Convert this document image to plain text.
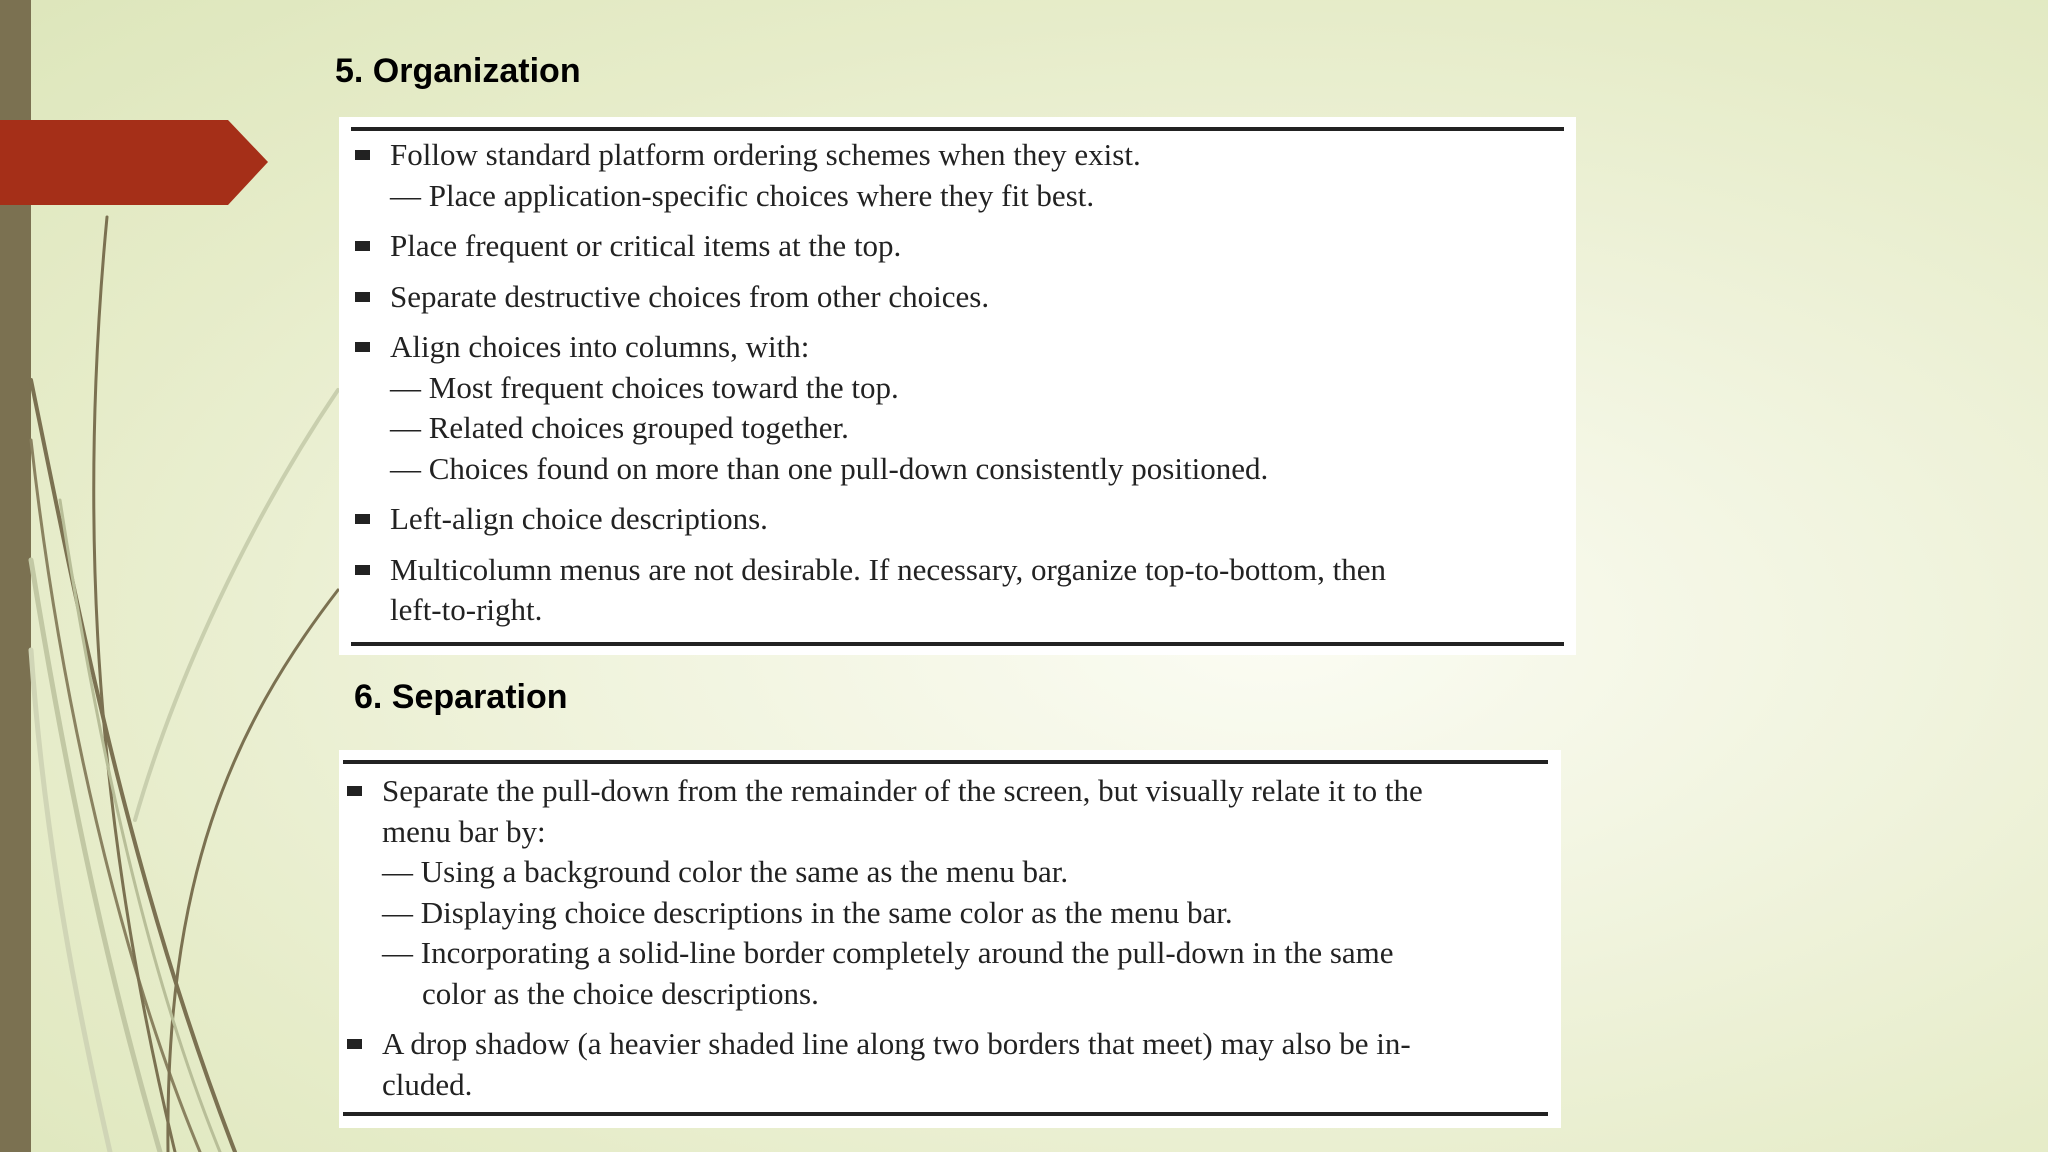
5. Organization
Follow standard platform ordering schemes when they exist.
— Place application-specific choices where they fit best.
Place frequent or critical items at the top.
Separate destructive choices from other choices.
Align choices into columns, with:
— Most frequent choices toward the top.
— Related choices grouped together.
— Choices found on more than one pull-down consistently positioned.
Left-align choice descriptions.
Multicolumn menus are not desirable. If necessary, organize top-to-bottom, then
left-to-right.
6. Separation
Separate the pull-down from the remainder of the screen, but visually relate it to the
menu bar by:
— Using a background color the same as the menu bar.
— Displaying choice descriptions in the same color as the menu bar.
— Incorporating a solid-line border completely around the pull-down in the same
color as the choice descriptions.
A drop shadow (a heavier shaded line along two borders that meet) may also be in-
cluded.
